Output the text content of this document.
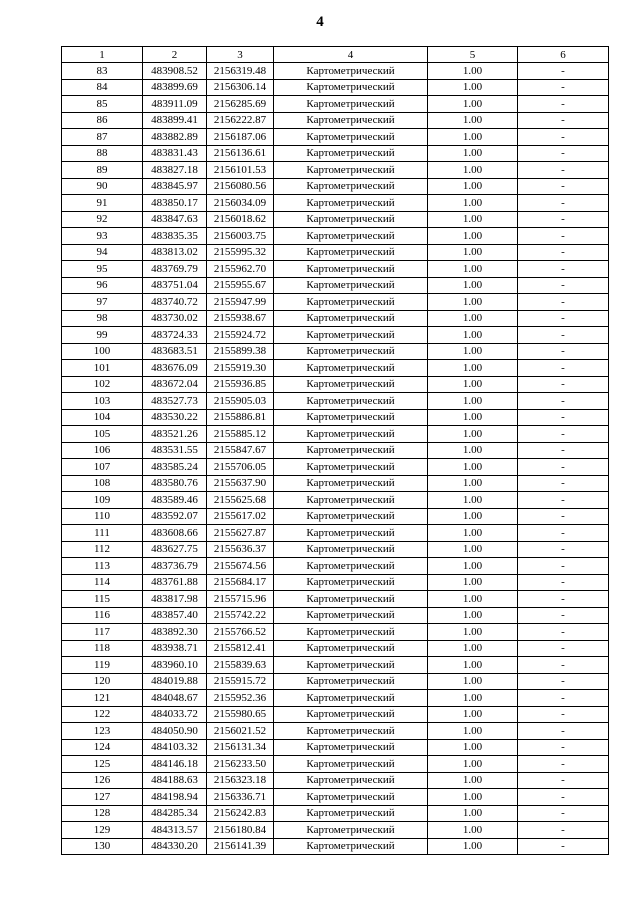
4
1	2	3	4	5	6
83	483908.52	2156319.48	Картометрический	1.00	-
84	483899.69	2156306.14	Картометрический	1.00	-
85	483911.09	2156285.69	Картометрический	1.00	-
86	483899.41	2156222.87	Картометрический	1.00	-
87	483882.89	2156187.06	Картометрический	1.00	-
88	483831.43	2156136.61	Картометрический	1.00	-
89	483827.18	2156101.53	Картометрический	1.00	-
90	483845.97	2156080.56	Картометрический	1.00	-
91	483850.17	2156034.09	Картометрический	1.00	-
92	483847.63	2156018.62	Картометрический	1.00	-
93	483835.35	2156003.75	Картометрический	1.00	-
94	483813.02	2155995.32	Картометрический	1.00	-
95	483769.79	2155962.70	Картометрический	1.00	-
96	483751.04	2155955.67	Картометрический	1.00	-
97	483740.72	2155947.99	Картометрический	1.00	-
98	483730.02	2155938.67	Картометрический	1.00	-
99	483724.33	2155924.72	Картометрический	1.00	-
100	483683.51	2155899.38	Картометрический	1.00	-
101	483676.09	2155919.30	Картометрический	1.00	-
102	483672.04	2155936.85	Картометрический	1.00	-
103	483527.73	2155905.03	Картометрический	1.00	-
104	483530.22	2155886.81	Картометрический	1.00	-
105	483521.26	2155885.12	Картометрический	1.00	-
106	483531.55	2155847.67	Картометрический	1.00	-
107	483585.24	2155706.05	Картометрический	1.00	-
108	483580.76	2155637.90	Картометрический	1.00	-
109	483589.46	2155625.68	Картометрический	1.00	-
110	483592.07	2155617.02	Картометрический	1.00	-
111	483608.66	2155627.87	Картометрический	1.00	-
112	483627.75	2155636.37	Картометрический	1.00	-
113	483736.79	2155674.56	Картометрический	1.00	-
114	483761.88	2155684.17	Картометрический	1.00	-
115	483817.98	2155715.96	Картометрический	1.00	-
116	483857.40	2155742.22	Картометрический	1.00	-
117	483892.30	2155766.52	Картометрический	1.00	-
118	483938.71	2155812.41	Картометрический	1.00	-
119	483960.10	2155839.63	Картометрический	1.00	-
120	484019.88	2155915.72	Картометрический	1.00	-
121	484048.67	2155952.36	Картометрический	1.00	-
122	484033.72	2155980.65	Картометрический	1.00	-
123	484050.90	2156021.52	Картометрический	1.00	-
124	484103.32	2156131.34	Картометрический	1.00	-
125	484146.18	2156233.50	Картометрический	1.00	-
126	484188.63	2156323.18	Картометрический	1.00	-
127	484198.94	2156336.71	Картометрический	1.00	-
128	484285.34	2156242.83	Картометрический	1.00	-
129	484313.57	2156180.84	Картометрический	1.00	-
130	484330.20	2156141.39	Картометрический	1.00	-
